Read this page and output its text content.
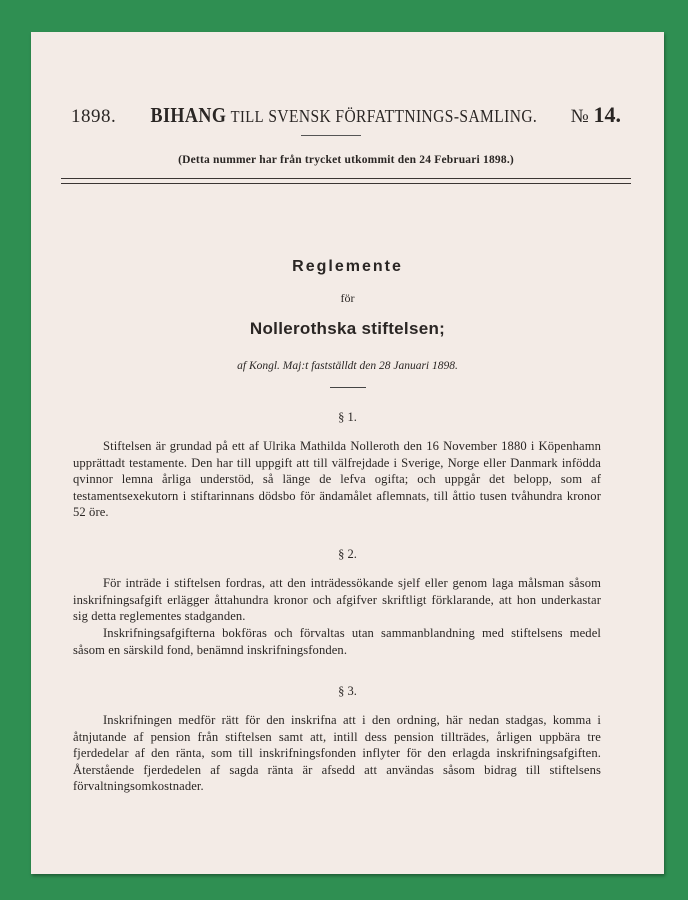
1898. BIHANG TILL SVENSK FÖRFATTNINGS-SAMLING. № 14.
(Detta nummer har från trycket utkommit den 24 Februari 1898.)
Reglemente
för
Nollerothska stiftelsen;
af Kongl. Maj:t fastställdt den 28 Januari 1898.
§ 1.
Stiftelsen är grundad på ett af Ulrika Mathilda Nolleroth den 16 November 1880 i Köpenhamn upprättadt testamente. Den har till uppgift att till välfrejdade i Sverige, Norge eller Danmark infödda qvinnor lemna årliga understöd, så länge de lefva ogifta; och uppgår det belopp, som af testamentsexekutorn i stiftarinnans dödsbo för ändamålet aflemnats, till åttio tusen tvåhundra kronor 52 öre.
§ 2.
För inträde i stiftelsen fordras, att den inträdessökande sjelf eller genom laga målsman såsom inskrifningsafgift erlägger åttahundra kronor och afgifver skriftligt förklarande, att hon underkastar sig detta reglementes stadganden.
Inskrifningsafgifterna bokföras och förvaltas utan sammanblandning med stiftelsens medel såsom en särskild fond, benämnd inskrifningsfonden.
§ 3.
Inskrifningen medför rätt för den inskrifna att i den ordning, här nedan stadgas, komma i åtnjutande af pension från stiftelsen samt att, intill dess pension tillträdes, årligen uppbära tre fjerdedelar af den ränta, som till inskrifningsfonden inflyter för den erlagda inskrifningsafgiften. Återstående fjerdedelen af sagda ränta är afsedd att användas såsom bidrag till stiftelsens förvaltningsomkostnader.
